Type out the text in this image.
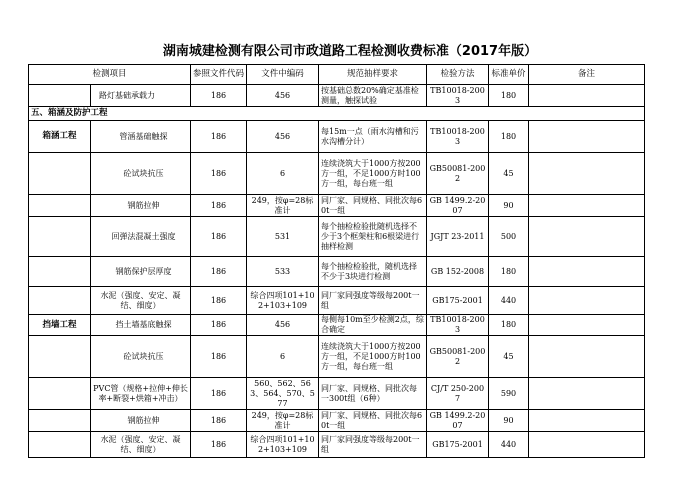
湖南城建检测有限公司市政道路工程检测收费标准（2017年版）
检测项目		参照文件代码	文件中编码	规范抽样要求	检验方法	标准单价	备注
	路灯基础承载力	186	456	按基础总数20%确定基准检测量，触探试验	TB10018-2003	180	
五、箱涵及防护工程							
箱涵工程	管涵基础触探	186	456	每15m一点（雨水沟槽和污水沟槽分计）	TB10018-2003	180	
	砼试块抗压	186	6	连续浇筑大于1000方按200方一组，不足1000方时100方一组，每台班一组	GB50081-2002	45	
	钢筋拉伸	186	249，按φ=28标准计	同厂家、同规格、同批次每60t一组	GB 1499.2-2007	90	
	回弹法混凝土强度	186	531	每个抽检检验批随机选择不少于3个框架柱和6根梁进行抽样检测	JGJT 23-2011	500	
	钢筋保护层厚度	186	533	每个抽检检验批，随机选择不少于3块进行检测	GB 152-2008	180	
	水泥（强度、安定、凝结、细度）	186	综合四项101+102+103+109	同厂家同强度等级每200t一组	GB175-2001	440	
挡墙工程	挡土墙基底触探	186	456	每侧每10m至少检测2点，综合确定	TB10018-2003	180	
	砼试块抗压	186	6	连续浇筑大于1000方按200方一组，不足1000方时100方一组，每台班一组	GB50081-2002	45	
	PVC管（规格+拉伸+伸长率+断裂+烘箱+冲击）	186	560、562、563、564、570、577	同厂家、同规格、同批次每一300t组（6种）	CJ/T 250-2007	590	
	钢筋拉伸	186	249，按φ=28标准计	同厂家、同规格、同批次每60t一组	GB 1499.2-2007	90	
	水泥（强度、安定、凝结、细度）	186	综合四项101+102+103+109	同厂家同强度等级每200t一组	GB175-2001	440	
